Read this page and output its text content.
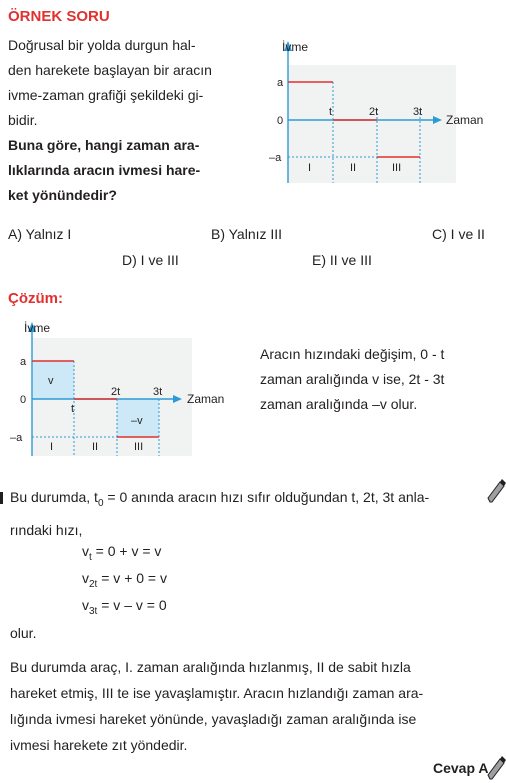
ÖRNEK SORU
Doğrusal bir yolda durgun hal-
den harekete başlayan bir aracın
ivme-zaman grafiği şekildeki gi-
bidir.
Buna göre, hangi zaman ara-
lıklarında aracın ivmesi hare-
ket yönündedir?
İvme
a
0
–a
t	2t	3t
Zaman
I	II	III
A) Yalnız I	B) Yalnız III	C) I ve II
D) I ve III	E) II ve III
Çözüm:
İvme
a
0
–a
v
–v
t
2t	3t Zaman
I	II	III
Aracın hızındaki değişim, 0 - t
zaman aralığında v ise, 2t - 3t
zaman aralığında –v olur.
Bu durumda, $t_0 = 0$ anında aracın hızı sıfır olduğundan t, 2t, 3t anla-
rındaki hızı,
$v_t = 0 + v = v$
$v_{2t} = v + 0 = v$
$v_{3t} = v - v = 0$
olur.
Bu durumda araç, I. zaman aralığında hızlanmış, II de sabit hızla
hareket etmiş, III te ise yavaşlamıştır. Aracın hızlandığı zaman ara-
lığında ivmesi hareket yönünde, yavaşladığı zaman aralığında ise
ivmesi harekete zıt yöndedir.
Cevap A
